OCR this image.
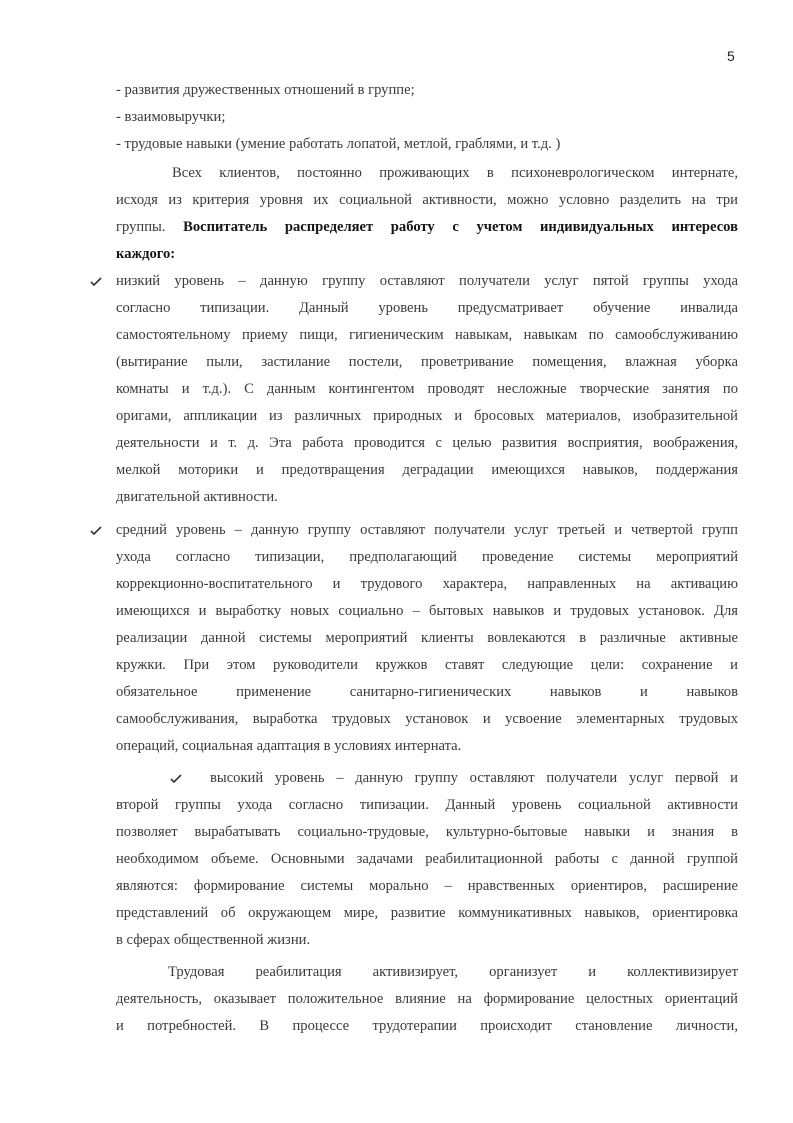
5
- развития дружественных отношений в группе;
- взаимовыручки;
- трудовые навыки (умение работать лопатой, метлой, граблями, и т.д. )
Всех клиентов, постоянно проживающих в психоневрологическом интернате,
исходя из критерия уровня их социальной активности, можно условно разделить на три
группы. Воспитатель распределяет работу с учетом индивидуальных интересов
каждого:
низкий уровень – данную группу оставляют получатели услуг пятой группы ухода
согласно типизации. Данный уровень предусматривает обучение инвалида
самостоятельному приему пищи, гигиеническим навыкам, навыкам по самообслуживанию
(вытирание пыли, застилание постели, проветривание помещения, влажная уборка
комнаты и т.д.). С данным контингентом проводят несложные творческие занятия по
оригами, аппликации из различных природных и бросовых материалов, изобразительной
деятельности и т. д. Эта работа проводится с целью развития восприятия, воображения,
мелкой моторики и предотвращения деградации имеющихся навыков, поддержания
двигательной активности.
средний уровень – данную группу оставляют получатели услуг третьей и четвертой групп
ухода согласно типизации, предполагающий проведение системы мероприятий
коррекционно-воспитательного и трудового характера, направленных на активацию
имеющихся и выработку новых социально – бытовых навыков и трудовых установок. Для
реализации данной системы мероприятий клиенты вовлекаются в различные активные
кружки. При этом руководители кружков ставят следующие цели: сохранение и
обязательное применение санитарно-гигиенических навыков и навыков
самообслуживания, выработка трудовых установок и усвоение элементарных трудовых
операций, социальная адаптация в условиях интерната.
высокий уровень – данную группу оставляют получатели услуг первой и
второй группы ухода согласно типизации. Данный уровень социальной активности
позволяет вырабатывать социально-трудовые, культурно-бытовые навыки и знания в
необходимом объеме. Основными задачами реабилитационной работы с данной группой
являются: формирование системы морально – нравственных ориентиров, расширение
представлений об окружающем мире, развитие коммуникативных навыков, ориентировка
в сферах общественной жизни.
Трудовая реабилитация активизирует, организует и коллективизирует
деятельность, оказывает положительное влияние на формирование целостных ориентаций
и потребностей. В процессе трудотерапии происходит становление личности,
